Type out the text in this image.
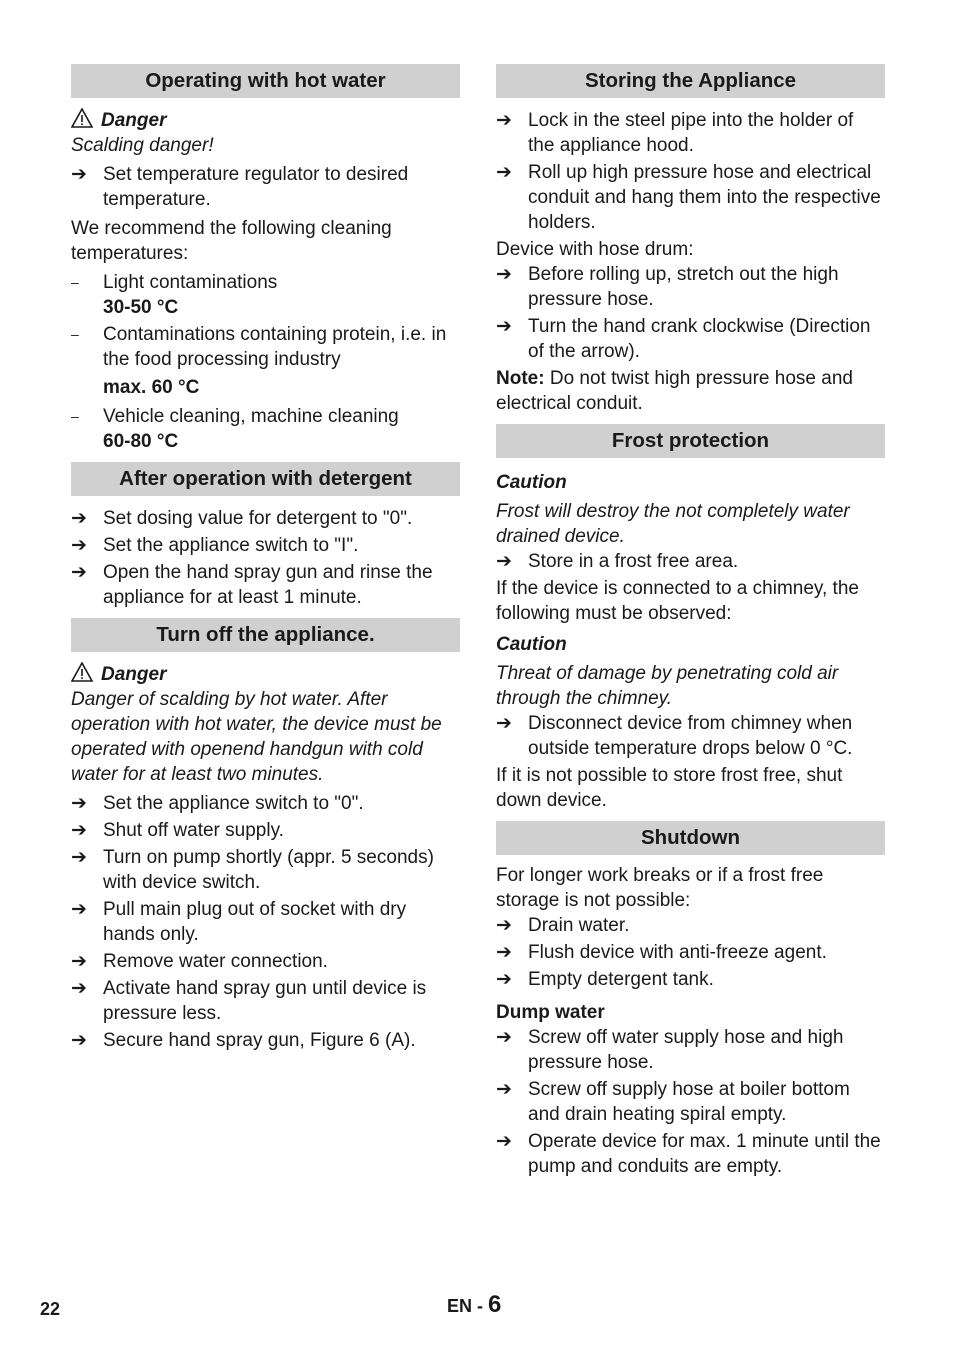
Operating with hot water
Danger

Scalding danger!

➔ Set temperature regulator to desired temperature.

We recommend the following cleaning temperatures:

–	Light contaminations
30-50 °C
–	Contaminations containing protein, i.e. in the food processing industry
max. 60 °C
–	Vehicle cleaning, machine cleaning
60-80 °C
After operation with detergent
➔ Set dosing value for detergent to "0".
➔ Set the appliance switch to "I".
➔ Open the hand spray gun and rinse the appliance for at least 1 minute.
Turn off the appliance.
Danger

Danger of scalding by hot water. After operation with hot water, the device must be operated with openend handgun with cold water for at least two minutes.

➔ Set the appliance switch to "0".
➔ Shut off water supply.
➔ Turn on pump shortly (appr. 5 seconds) with device switch.
➔ Pull main plug out of socket with dry hands only.
➔ Remove water connection.
➔ Activate hand spray gun until device is pressure less.
➔ Secure hand spray gun, Figure 6 (A).
Storing the Appliance
➔ Lock in the steel pipe into the holder of the appliance hood.
➔ Roll up high pressure hose and electrical conduit and hang them into the respective holders.

Device with hose drum:

➔ Before rolling up, stretch out the high pressure hose.
➔ Turn the hand crank clockwise (Direction of the arrow).

Note: Do not twist high pressure hose and electrical conduit.

Frost protection

Caution

Frost will destroy the not completely water drained device.

➔ Store in a frost free area.

If the device is connected to a chimney, the following must be observed:

Caution

Threat of damage by penetrating cold air through the chimney.

➔ Disconnect device from chimney when outside temperature drops below 0 °C.

If it is not possible to store frost free, shut down device.

Shutdown

For longer work breaks or if a frost free storage is not possible:

➔ Drain water.
➔ Flush device with anti-freeze agent.
➔ Empty detergent tank.

Dump water

➔ Screw off water supply hose and high pressure hose.
➔ Screw off supply hose at boiler bottom and drain heating spiral empty.
➔ Operate device for max. 1 minute until the pump and conduits are empty.
22	EN - 6
